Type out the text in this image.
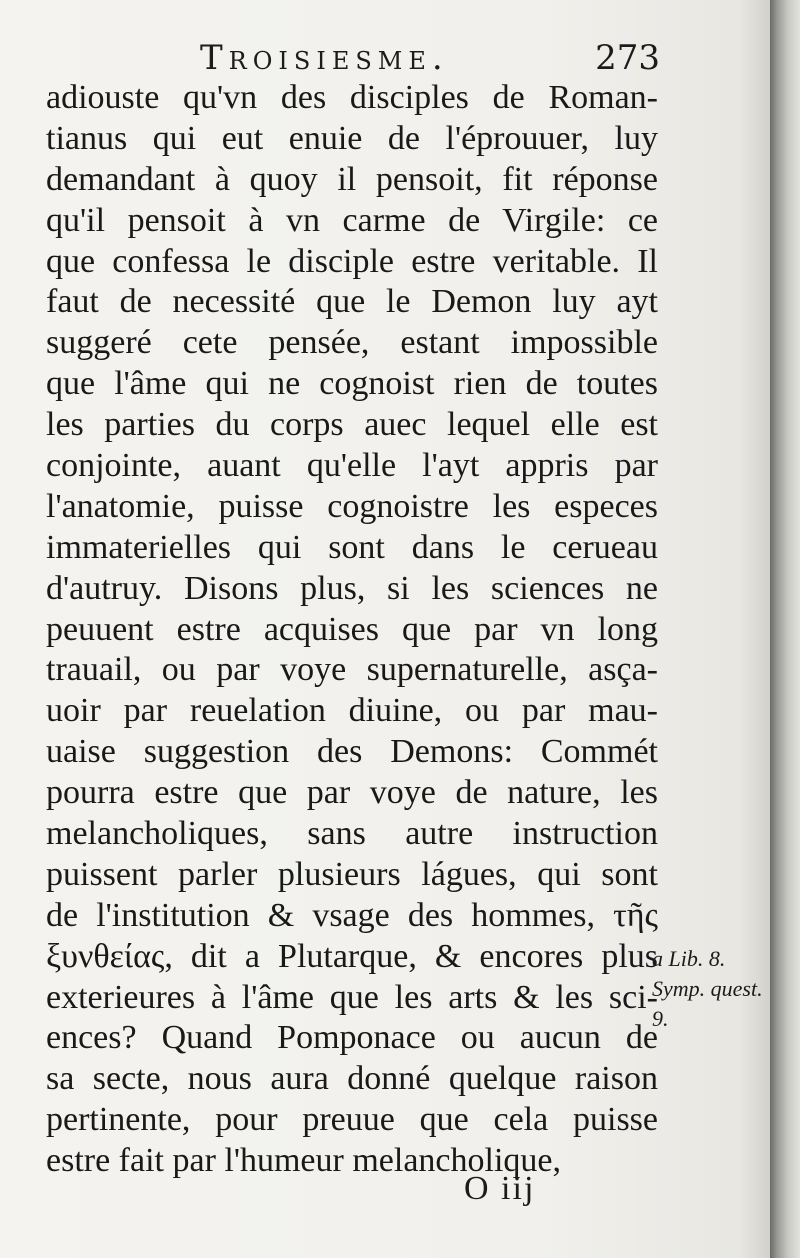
Troisiesme.	273
adiouste qu'vn des disciples de Roman-
tianus qui eut enuie de l'éprouuer, luy
demandant à quoy il pensoit, fit réponse
qu'il pensoit à vn carme de Virgile: ce
que confessa le disciple estre veritable. Il
faut de necessité que le Demon luy ayt
suggeré cete pensée, estant impossible
que l'âme qui ne cognoist rien de toutes
les parties du corps auec lequel elle est
conjointe, auant qu'elle l'ayt appris par
l'anatomie, puisse cognoistre les especes
immaterielles qui sont dans le cerueau
d'autruy. Disons plus, si les sciences ne
peuuent estre acquises que par vn long
trauail, ou par voye supernaturelle, asça-
uoir par reuelation diuine, ou par mau-
uaise suggestion des Demons: Commét
pourra estre que par voye de nature, les
melancholiques, sans autre instruction
puissent parler plusieurs lágues, qui sont
de l'institution & vsage des hommes, τῆς
ξυνθείας, dit a Plutarque, & encores plus
exterieures à l'âme que les arts & les sci-
ences? Quand Pomponace ou aucun de
sa secte, nous aura donné quelque raison
pertinente, pour preuue que cela puisse
estre fait par l'humeur melancholique,
a Lib. 8.
Symp. quest.
9.
O iij
